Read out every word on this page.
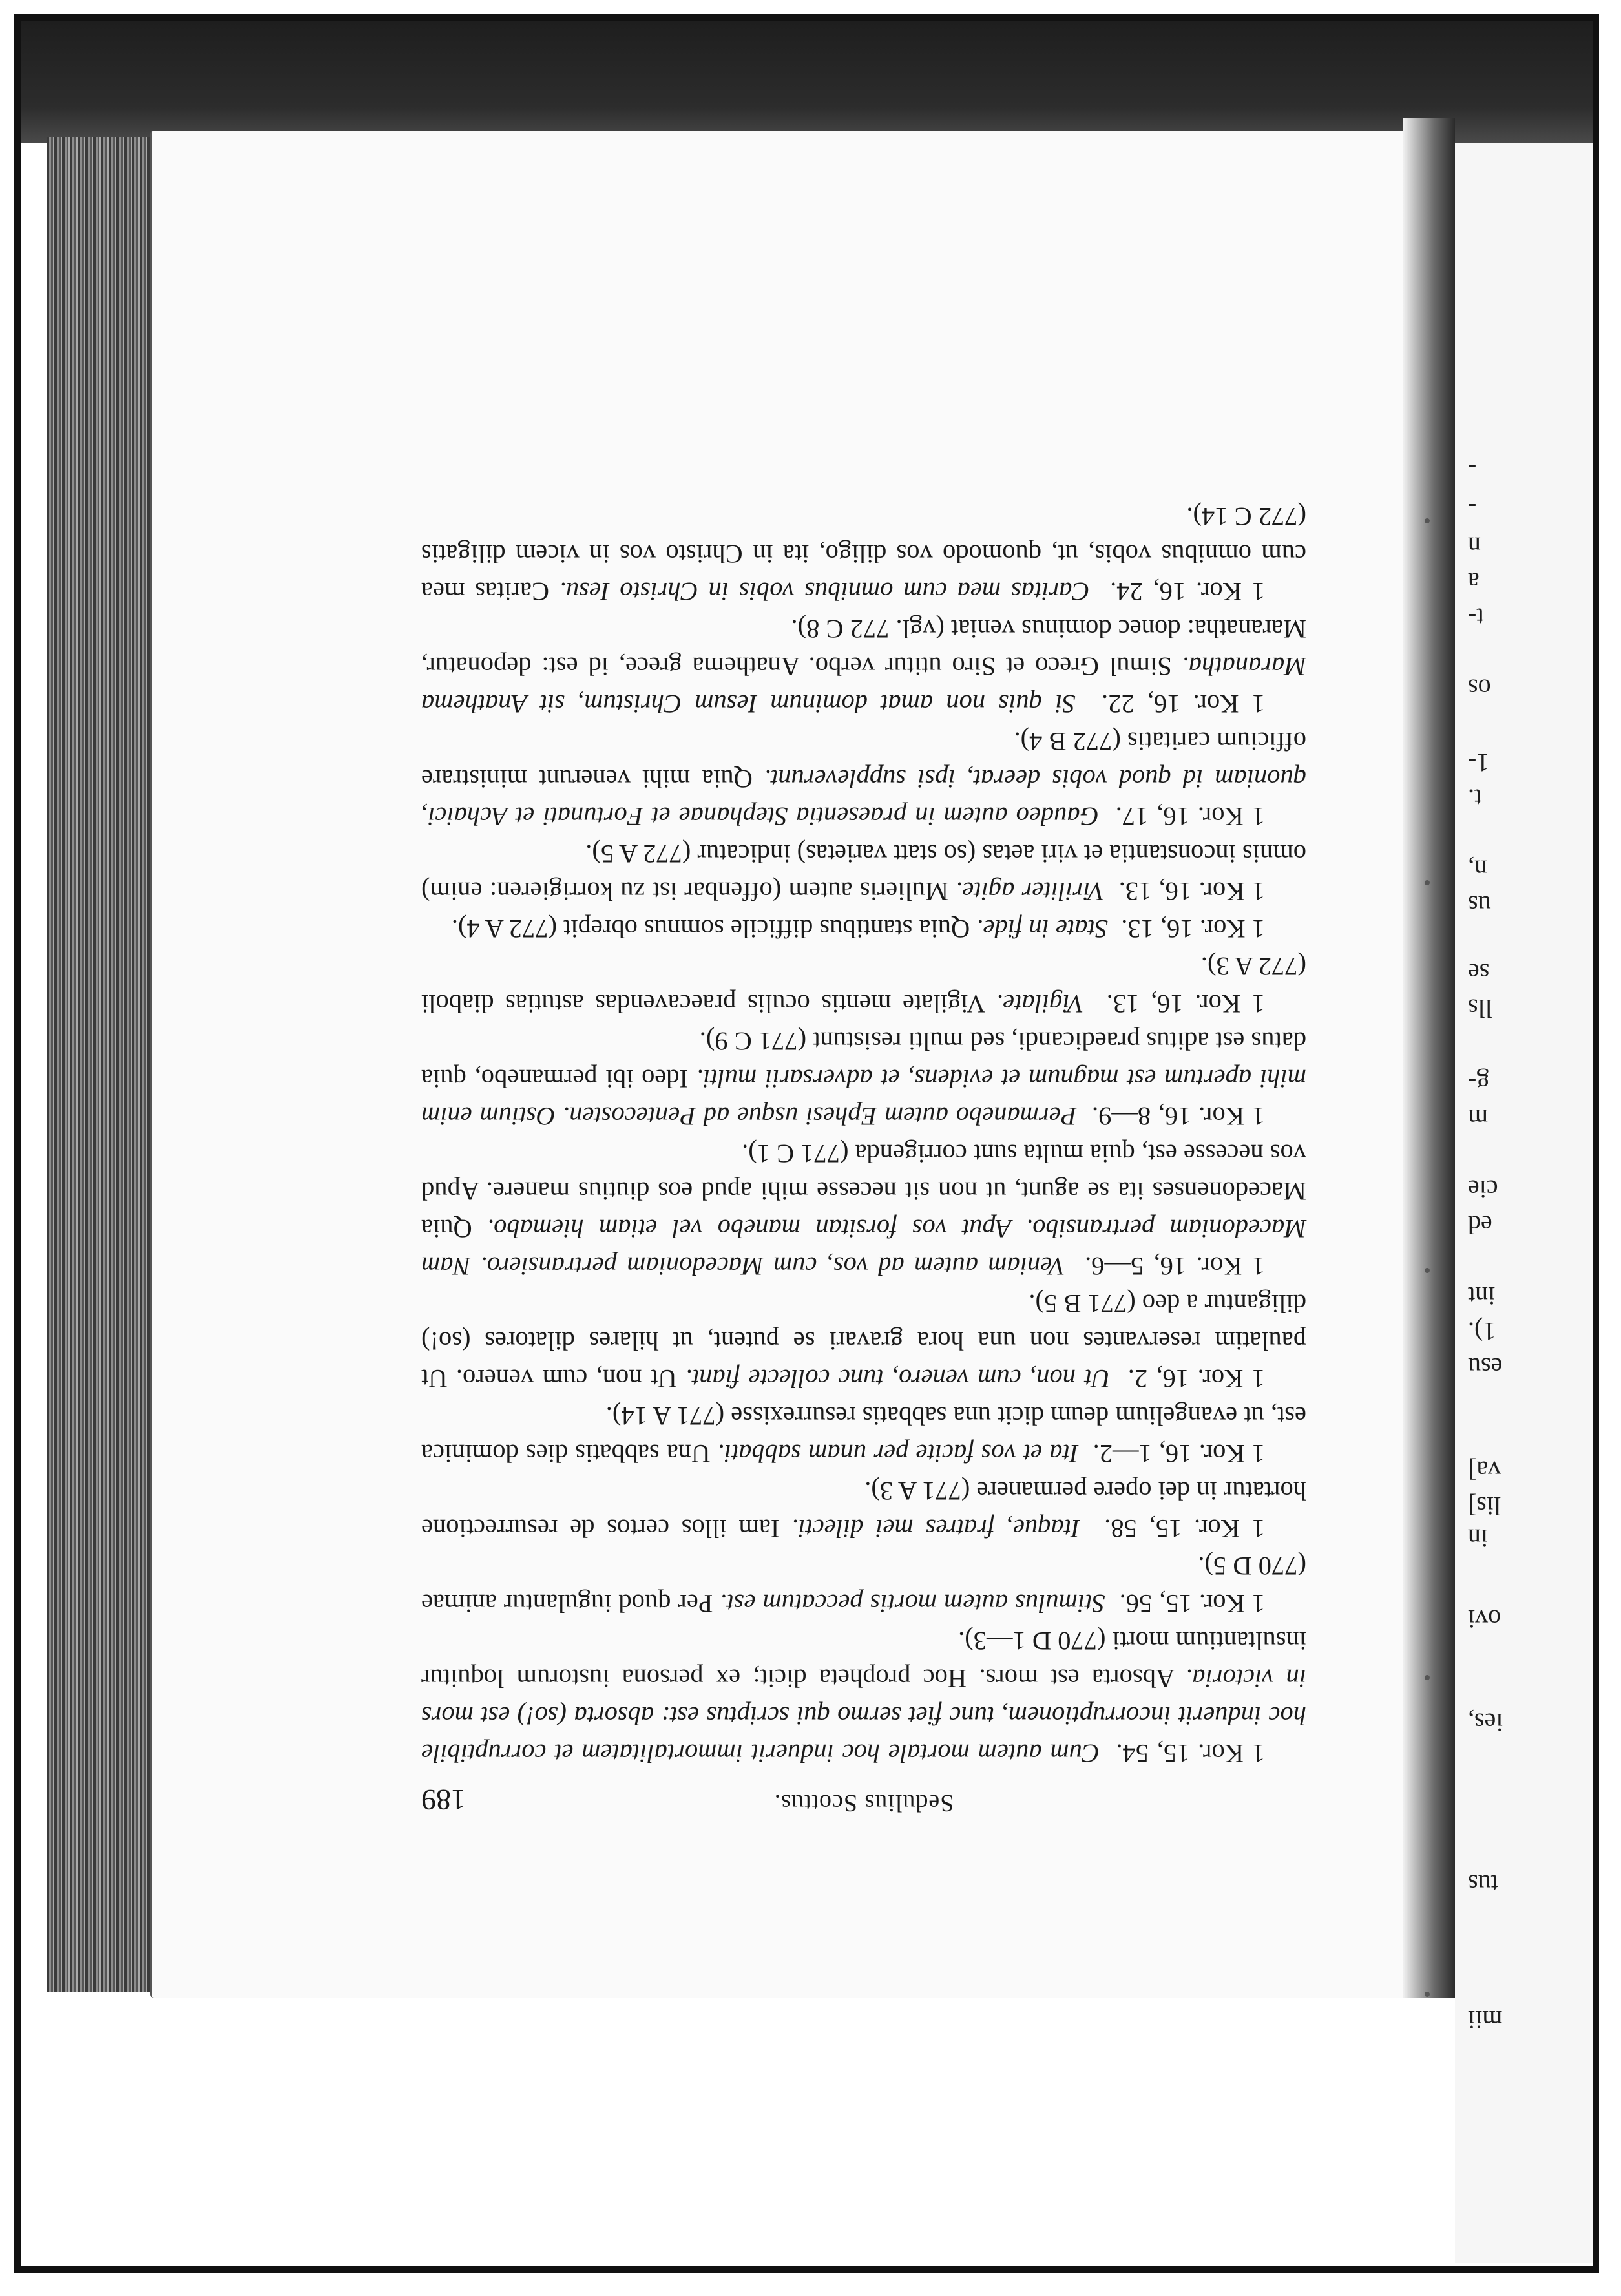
mii
tus
ies,
ovi
in
lis]
va]
esu
1).
int
ed
cie
m
g-
lls
se
us
n,
t.
1-
os
t-
a
n
-
-
Sedulius Scottus.
189

1 Kor. 15, 54.  Cum autem mortale hoc induerit immortalitatem et corruptibile hoc induerit incorruptionem, tunc fiet sermo qui scriptus est: absorta (so!) est mors in victoria. Absorta est mors. Hoc propheta dicit; ex persona iustorum loquitur insultantium morti (770 D 1—3).

1 Kor. 15, 56.  Stimulus autem mortis peccatum est. Per quod iugulantur animae (770 D 5).

1 Kor. 15, 58.  Itaque, fratres mei dilecti. Iam illos certos de resurrectione hortatur in dei opere permanere (771 A 3).

1 Kor. 16, 1—2.  Ita et vos facite per unam sabbati. Una sabbatis dies dominica est, ut evangelium deum dicit una sabbatis resurrexisse (771 A 14).

1 Kor. 16, 2.  Ut non, cum venero, tunc collecte fiant. Ut non, cum venero. Ut paulatim reservantes non una hora gravari se putent, ut hilares dilatores (so!) diligantur a deo (771 B 5).

1 Kor. 16, 5—6.  Veniam autem ad vos, cum Macedoniam pertransiero. Nam Macedoniam pertransibo. Aput vos forsitan manebo vel etiam hiemabo. Quia Macedonenses ita se agunt, ut non sit necesse mihi apud eos diutius manere. Apud vos necesse est, quia multa sunt corrigenda (771 C 1).

1 Kor. 16, 8—9.  Permanebo autem Ephesi usque ad Pentecosten. Ostium enim mihi apertum est magnum et evidens, et adversarii multi. Ideo ibi permanebo, quia datus est aditus praedicandi, sed multi resistunt (771 C 9).

1 Kor. 16, 13.  Vigilate. Vigilate mentis oculis praecavendas astutias diaboli (772 A 3).

1 Kor. 16, 13.  State in fide. Quia stantibus difficile somnus obrepit (772 A 4).

1 Kor. 16, 13.  Viriliter agite. Mulieris autem (offenbar ist zu korrigieren: enim) omnis inconstantia et viri aetas (so statt varietas) indicatur (772 A 5).

1 Kor. 16, 17.  Gaudeo autem in praesentia Stephanae et Fortunati et Achaici, quoniam id quod vobis deerat, ipsi suppleverunt. Quia mihi venerunt ministrare officium caritatis (772 B 4).

1 Kor. 16, 22.  Si quis non amat dominum Iesum Christum, sit Anathema Maranatha. Simul Greco et Siro utitur verbo. Anathema grece, id est: deponatur, Maranatha: donec dominus veniat (vgl. 772 C 8).

1 Kor. 16, 24.  Caritas mea cum omnibus vobis in Christo Iesu. Caritas mea cum omnibus vobis, ut, quomodo vos diligo, ita in Christo vos in vicem diligatis (772 C 14).
